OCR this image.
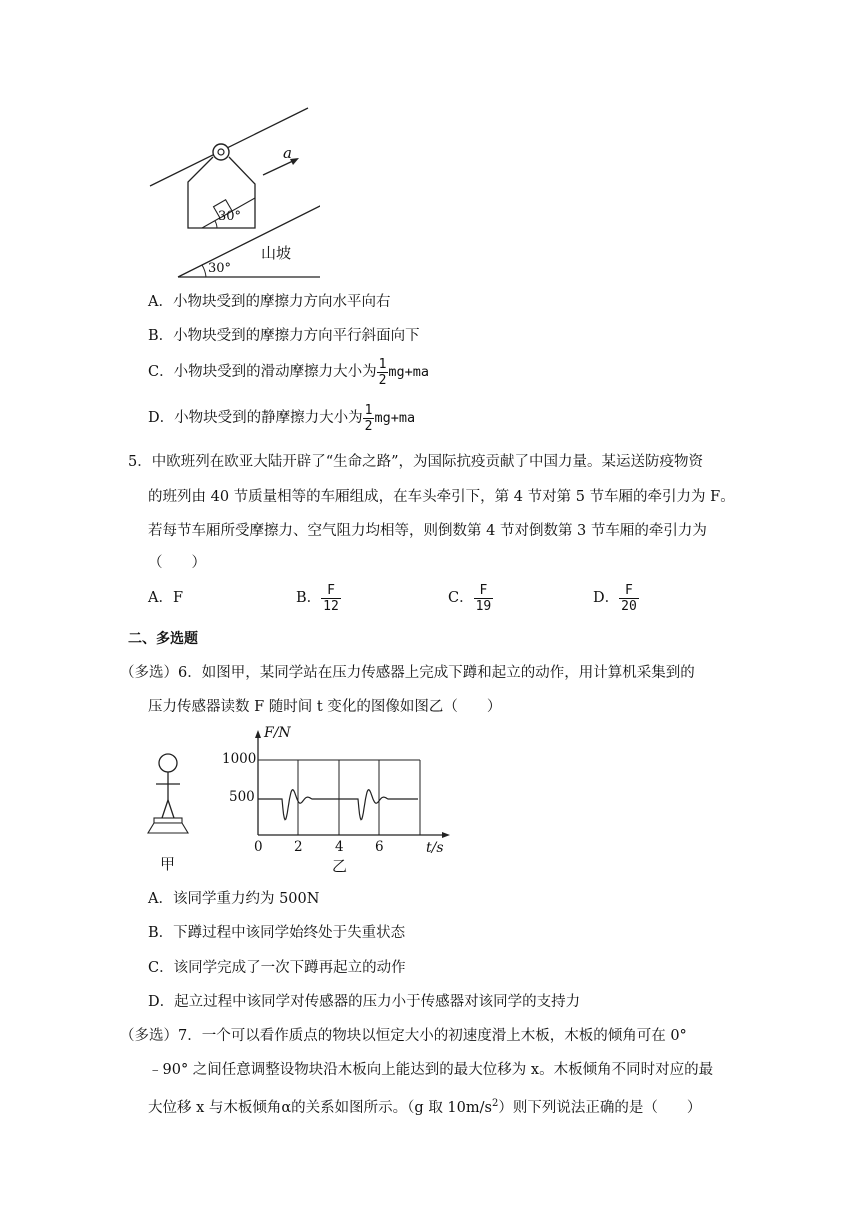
a
30°
30°
山坡
A．小物块受到的摩擦力方向水平向右
B．小物块受到的摩擦力方向平行斜面向下
C．小物块受到的滑动摩擦力大小为 $\frac{1}{2} mg+ma$
D．小物块受到的静摩擦力大小为 $\frac{1}{2} mg+ma$
5．中欧班列在欧亚大陆开辟了“生命之路”，为国际抗疫贡献了中国力量。某运送防疫物资
的班列由 40 节质量相等的车厢组成，在车头牵引下，第 4 节对第 5 节车厢的牵引力为 F。
若每节车厢所受摩擦力、空气阻力均相等，则倒数第 4 节对倒数第 3 节车厢的牵引力为
（　　）
A．F	B． $\frac{F}{12}$	C． $\frac{F}{19}$	D． $\frac{F}{20}$
二、多选题
（多选）6．如图甲，某同学站在压力传感器上完成下蹲和起立的动作，用计算机采集到的
压力传感器读数 F 随时间 t 变化的图像如图乙（　　）
甲
F/N
1000
500
0 2 4 6	t/s
乙
A．该同学重力约为 500N
B．下蹲过程中该同学始终处于失重状态
C．该同学完成了一次下蹲再起立的动作
D．起立过程中该同学对传感器的压力小于传感器对该同学的支持力
（多选）7．一个可以看作质点的物块以恒定大小的初速度滑上木板，木板的倾角可在 0°
﹣90° 之间任意调整设物块沿木板向上能达到的最大位移为 x。木板倾角不同时对应的最
大位移 x 与木板倾角α的关系如图所示。（g 取 $10m/s^2$）则下列说法正确的是（　　）
